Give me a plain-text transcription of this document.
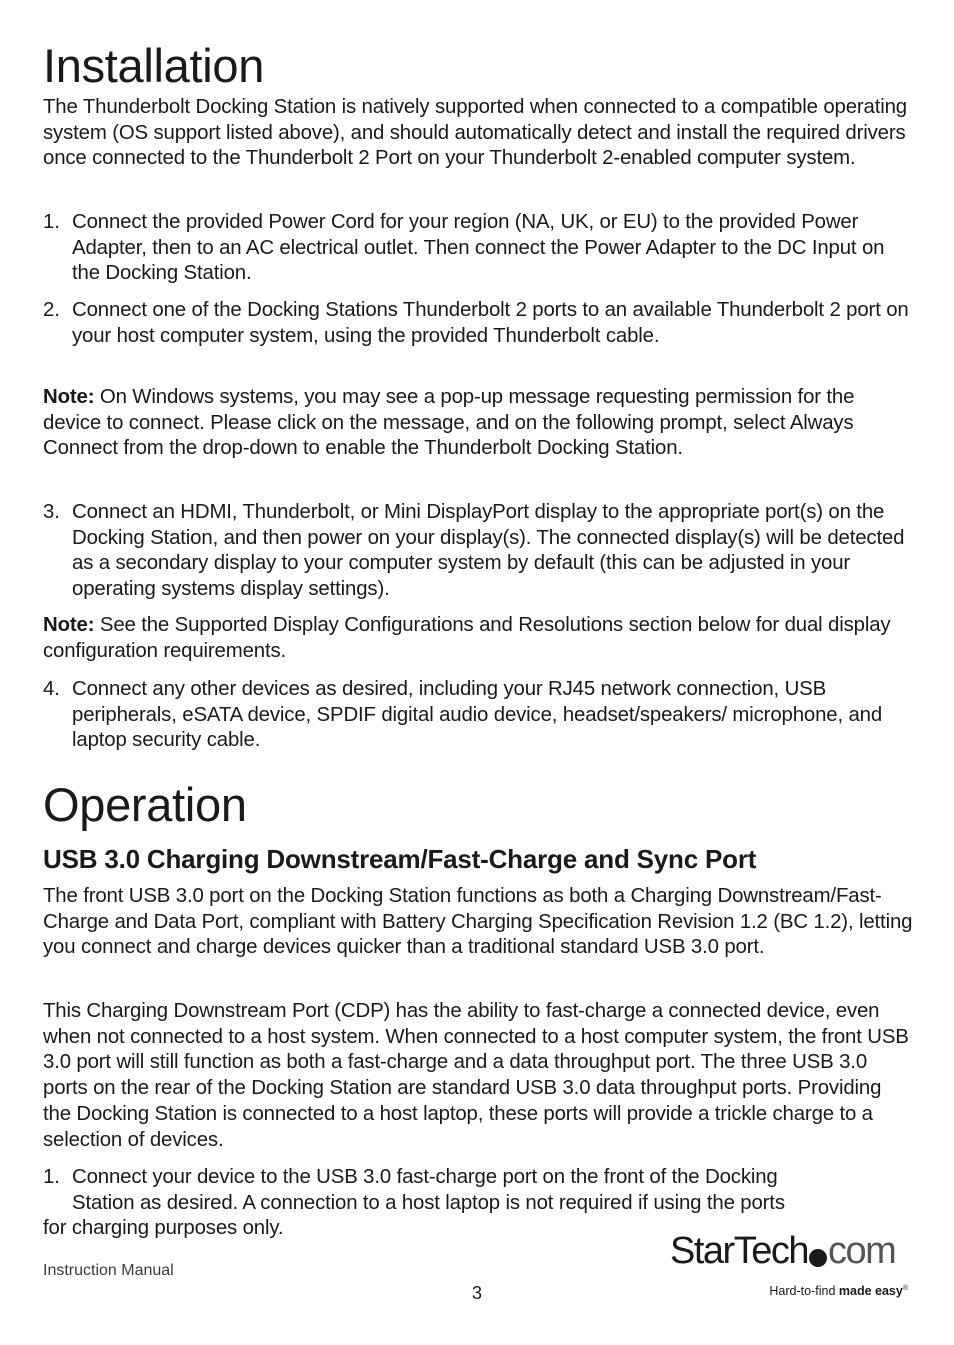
Installation

The Thunderbolt Docking Station is natively supported when connected to a compatible operating system (OS support listed above), and should automatically detect and install the required drivers once connected to the Thunderbolt 2 Port on your Thunderbolt 2-enabled computer system.

1. Connect the provided Power Cord for your region (NA, UK, or EU) to the provided Power Adapter, then to an AC electrical outlet. Then connect the Power Adapter to the DC Input on the Docking Station.
2. Connect one of the Docking Stations Thunderbolt 2 ports to an available Thunderbolt 2 port on your host computer system, using the provided Thunderbolt cable.

Note: On Windows systems, you may see a pop-up message requesting permission for the device to connect. Please click on the message, and on the following prompt, select Always Connect from the drop-down to enable the Thunderbolt Docking Station.

3. Connect an HDMI, Thunderbolt, or Mini DisplayPort display to the appropriate port(s) on the Docking Station, and then power on your display(s). The connected display(s) will be detected as a secondary display to your computer system by default (this can be adjusted in your operating systems display settings).

Note: See the Supported Display Configurations and Resolutions section below for dual display configuration requirements.

4. Connect any other devices as desired, including your RJ45 network connection, USB peripherals, eSATA device, SPDIF digital audio device, headset/speakers/ microphone, and laptop security cable.
Operation
USB 3.0 Charging Downstream/Fast-Charge and Sync Port

The front USB 3.0 port on the Docking Station functions as both a Charging Downstream/Fast-Charge and Data Port, compliant with Battery Charging Specification Revision 1.2 (BC 1.2), letting you connect and charge devices quicker than a traditional standard USB 3.0 port.

This Charging Downstream Port (CDP) has the ability to fast-charge a connected device, even when not connected to a host system. When connected to a host computer system, the front USB 3.0 port will still function as both a fast-charge and a data throughput port. The three USB 3.0 ports on the rear of the Docking Station are standard USB 3.0 data throughput ports. Providing the Docking Station is connected to a host laptop, these ports will provide a trickle charge to a selection of devices.

1. Connect your device to the USB 3.0 fast-charge port on the front of the Docking
Station as desired. A connection to a host laptop is not required if using the ports
for charging purposes only.
Instruction Manual
3
StarTech com
Hard-to-find made easy®
